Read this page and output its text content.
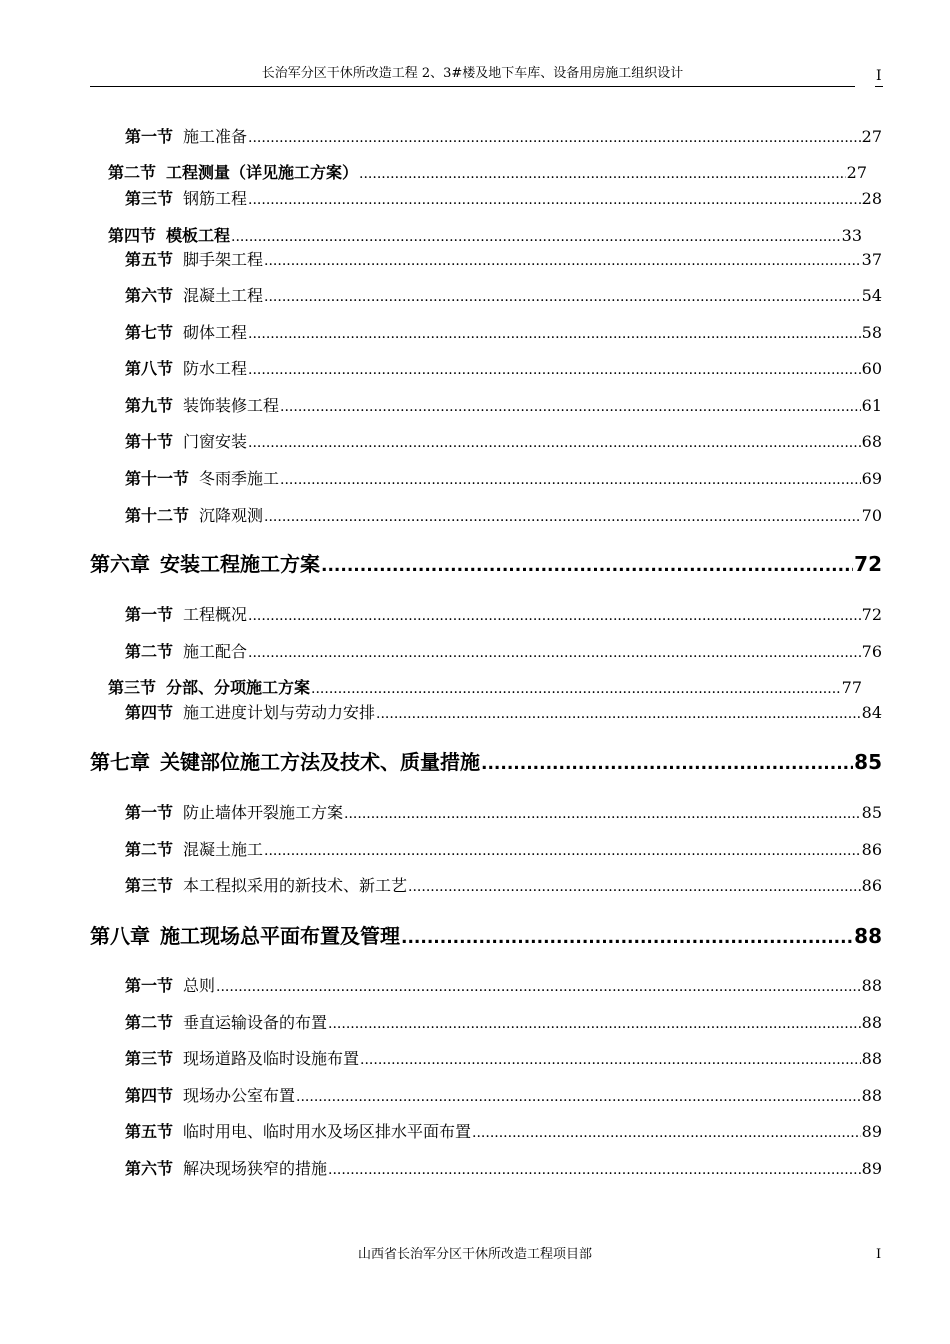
长治军分区干休所改造工程 2、3#楼及地下车库、设备用房施工组织设计	I
第一节 施工准备 .....	27
第二节 工程测量（详见施工方案） .....	27
第三节 钢筋工程 .....	28
第四节 模板工程 .....	33
第五节 脚手架工程 .....	37
第六节 混凝土工程 .....	54
第七节 砌体工程 .....	58
第八节 防水工程 .....	60
第九节 装饰装修工程 .....	61
第十节 门窗安装 .....	68
第十一节 冬雨季施工 .....	69
第十二节 沉降观测 .....	70
第六章 安装工程施工方案 .....	72
第一节 工程概况 .....	72
第二节 施工配合 .....	76
第三节 分部、分项施工方案 .....	77
第四节 施工进度计划与劳动力安排 .....	84
第七章 关键部位施工方法及技术、质量措施 .....	85
第一节 防止墙体开裂施工方案 .....	85
第二节 混凝土施工 .....	86
第三节 本工程拟采用的新技术、新工艺 .....	86
第八章 施工现场总平面布置及管理 .....	88
第一节 总则 .....	88
第二节 垂直运输设备的布置 .....	88
第三节 现场道路及临时设施布置 .....	88
第四节 现场办公室布置 .....	88
第五节 临时用电、临时用水及场区排水平面布置 .....	89
第六节 解决现场狭窄的措施 .....	89
山西省长治军分区干休所改造工程项目部	I
